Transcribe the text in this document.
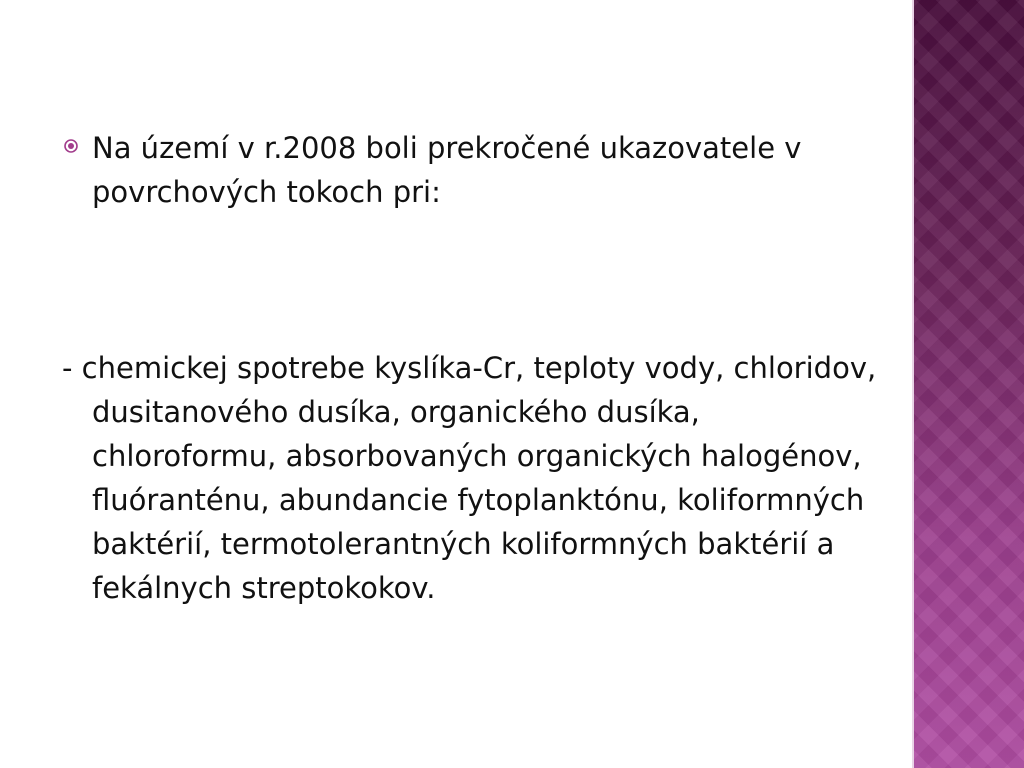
Na území v r.2008 boli prekročené ukazovatele v povrchových tokoch pri:
- chemickej spotrebe kyslíka-Cr, teploty vody, chloridov, dusitanového dusíka, organického dusíka, chloroformu, absorbovaných organických halogénov, fluóranténu, abundancie fytoplanktónu, koliformných baktérií, termotolerantných koliformných baktérií a fekálnych streptokokov.
